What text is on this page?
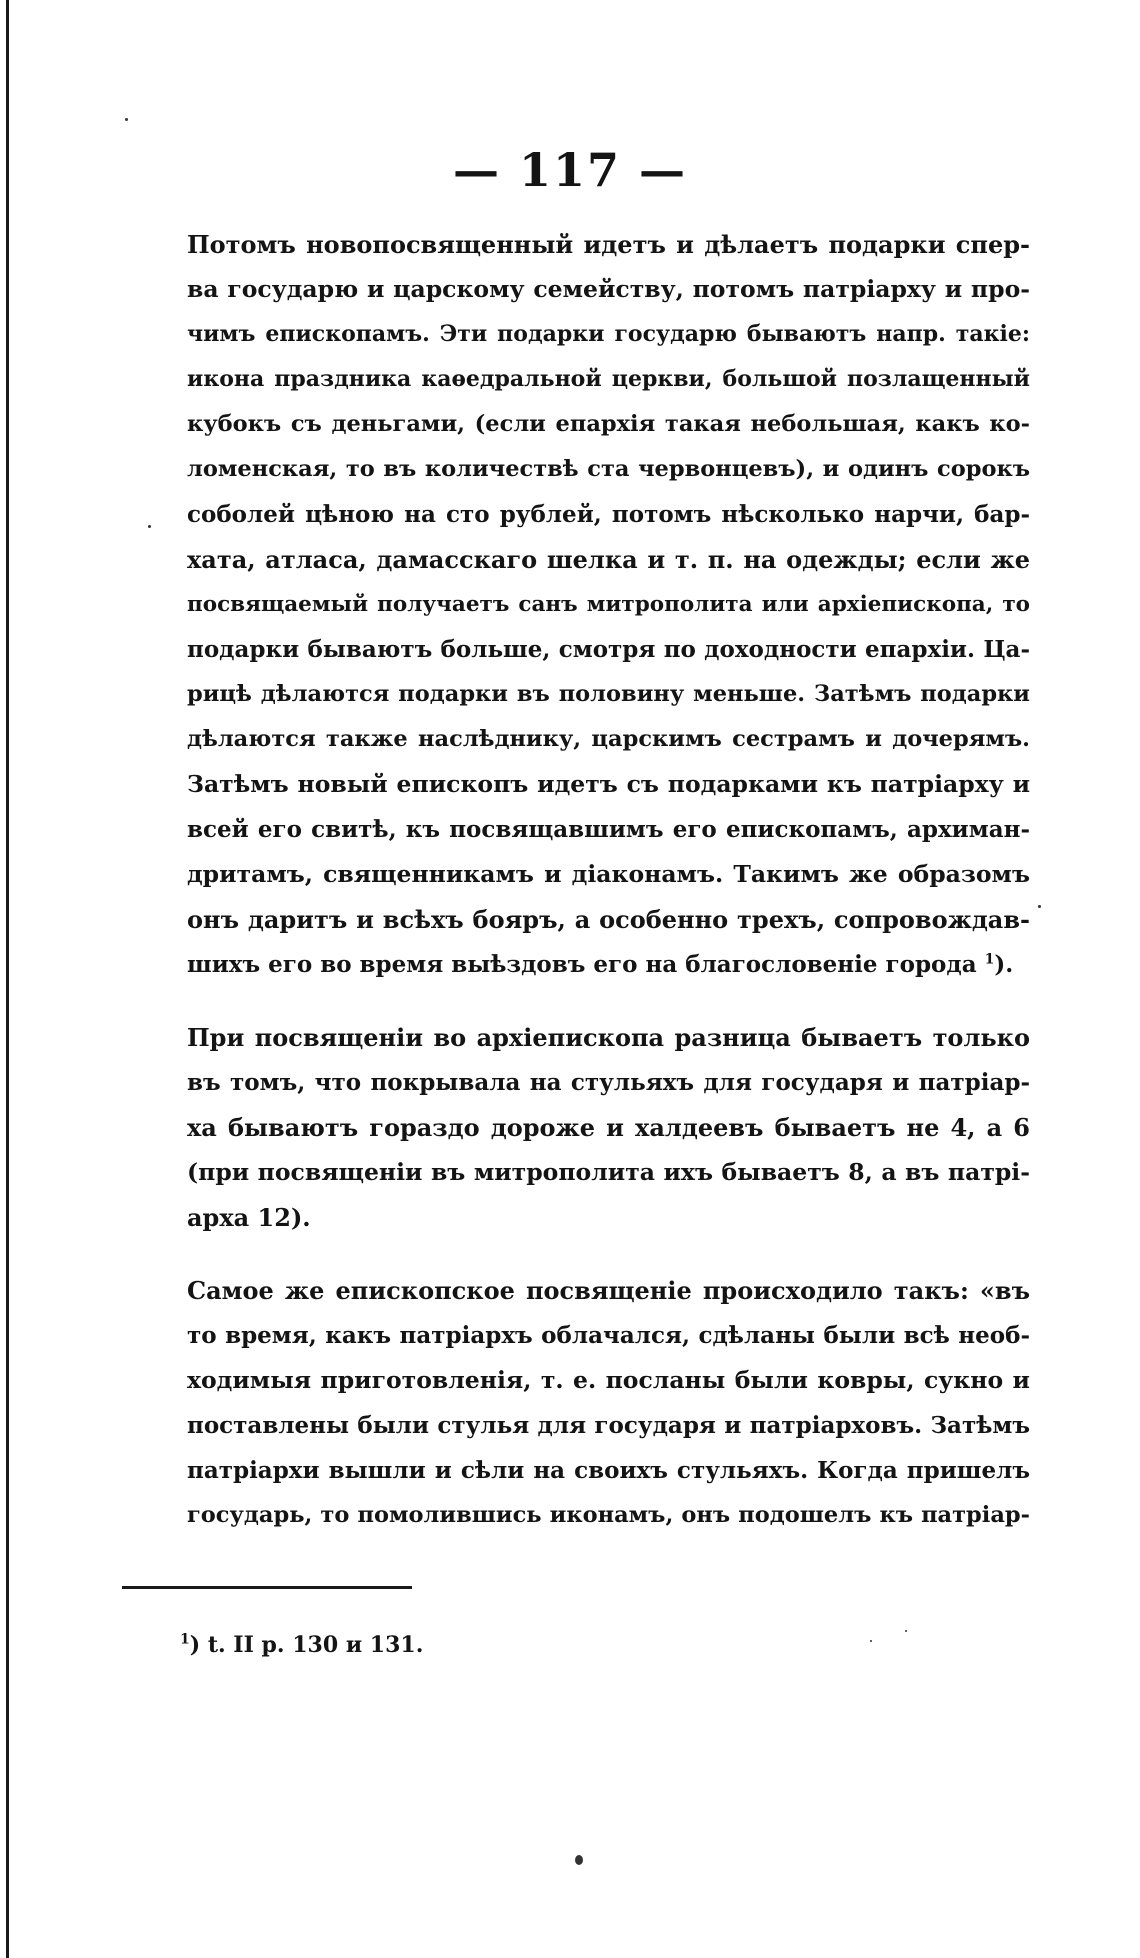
— 117 —
Потомъ новопосвященный идетъ и дѣлаетъ подарки спер-
ва государю и царскому семейству, потомъ патріарху и про-
чимъ епископамъ. Эти подарки государю бываютъ напр. такіе:
икона праздника каѳедральной церкви, большой позлащенный
кубокъ съ деньгами, (если епархія такая небольшая, какъ ко-
ломенская, то въ количествѣ ста червонцевъ), и одинъ сорокъ
соболей цѣною на сто рублей, потомъ нѣсколько нарчи, бар-
хата, атласа, дамасскаго шелка и т. п. на одежды; если же
посвящаемый получаетъ санъ митрополита или архіепископа, то
подарки бываютъ больше, смотря по доходности епархіи. Ца-
рицѣ дѣлаются подарки въ половину меньше. Затѣмъ подарки
дѣлаются также наслѣднику, царскимъ сестрамъ и дочерямъ.
Затѣмъ новый епископъ идетъ съ подарками къ патріарху и
всей его свитѣ, къ посвящавшимъ его епископамъ, архиман-
дритамъ, священникамъ и діаконамъ. Такимъ же образомъ
онъ даритъ и всѣхъ бояръ, а особенно трехъ, сопровождав-
шихъ его во время выѣздовъ его на благословеніе города $^1$).
При посвященіи во архіепископа разница бываетъ только
въ томъ, что покрывала на стульяхъ для государя и патріар-
ха бываютъ гораздо дороже и халдеевъ бываетъ не 4, а 6
(при посвященіи въ митрополита ихъ бываетъ 8, а въ патрі-
арха 12).
Самое же епископское посвященіе происходило такъ: «въ
то время, какъ патріархъ облачался, сдѣланы были всѣ необ-
ходимыя приготовленія, т. е. посланы были ковры, сукно и
поставлены были стулья для государя и патріарховъ. Затѣмъ
патріархи вышли и сѣли на своихъ стульяхъ. Когда пришелъ
государь, то помолившись иконамъ, онъ подошелъ къ патріар-
$^1$) t. II p. 130 и 131.
